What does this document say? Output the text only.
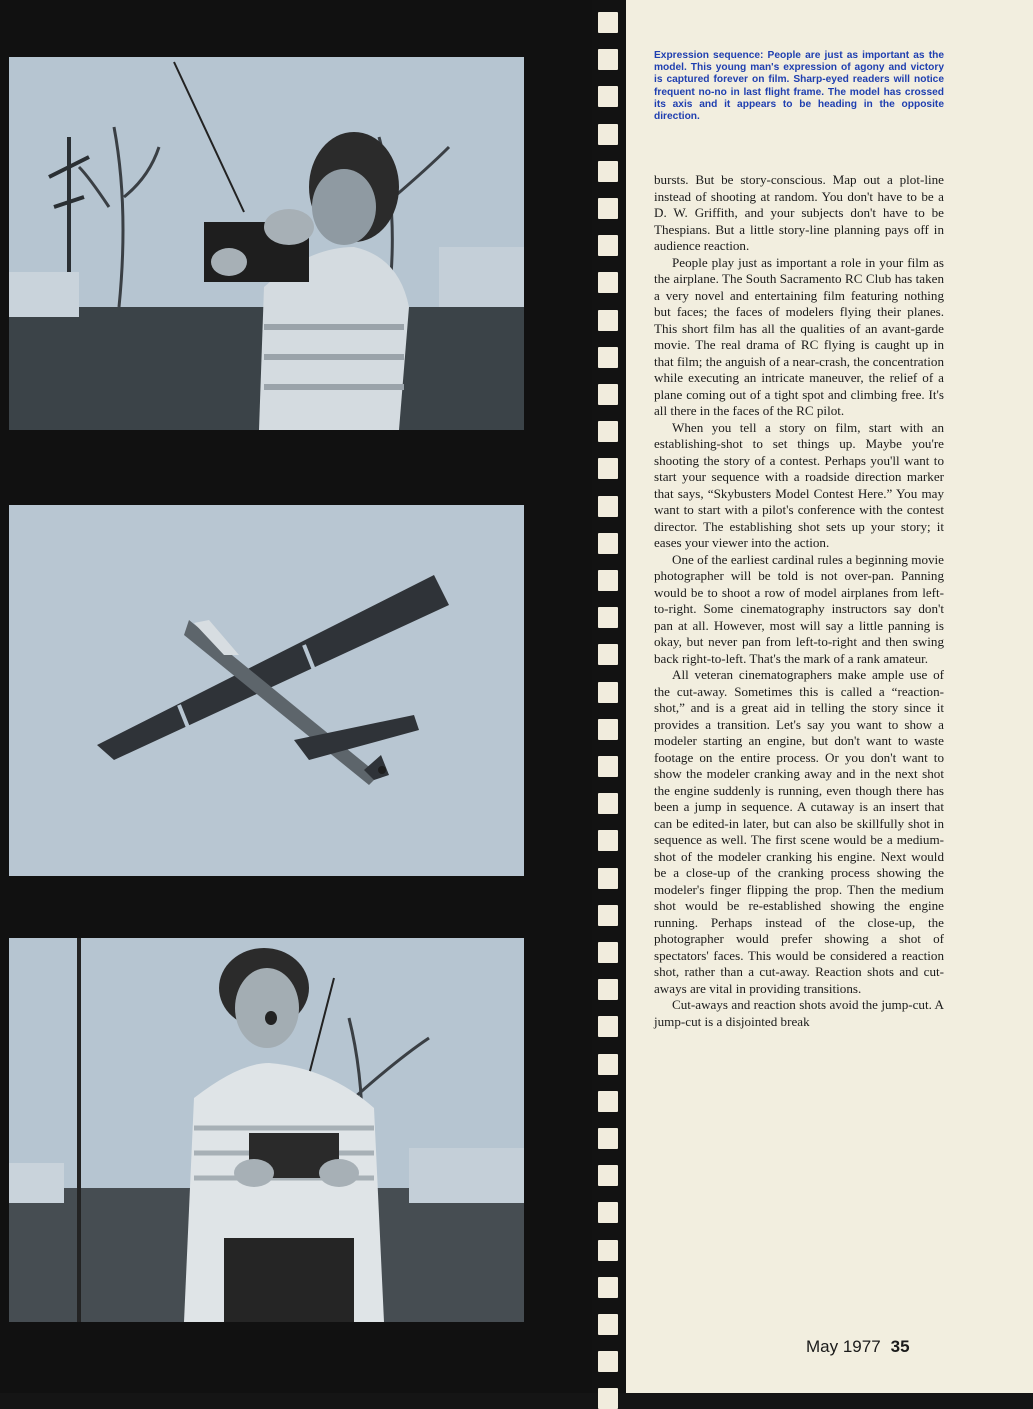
Expression sequence: People are just as important as the model. This young man's expression of agony and victory is captured forever on film. Sharp-eyed readers will notice frequent no-no in last flight frame. The model has crossed its axis and it appears to be heading in the opposite direction.

bursts. But be story-conscious. Map out a plot-line instead of shooting at random. You don't have to be a D. W. Griffith, and your subjects don't have to be Thespians. But a little story-line planning pays off in audience reaction.

People play just as important a role in your film as the airplane. The South Sacramento RC Club has taken a very novel and entertaining film featuring nothing but faces; the faces of modelers flying their planes. This short film has all the qualities of an avant-garde movie. The real drama of RC flying is caught up in that film; the anguish of a near-crash, the concentration while executing an intricate maneuver, the relief of a plane coming out of a tight spot and climbing free. It's all there in the faces of the RC pilot.

When you tell a story on film, start with an establishing-shot to set things up. Maybe you're shooting the story of a contest. Perhaps you'll want to start your sequence with a roadside direction marker that says, “Skybusters Model Contest Here.” You may want to start with a pilot's conference with the contest director. The establishing shot sets up your story; it eases your viewer into the action.

One of the earliest cardinal rules a beginning movie photographer will be told is not over-pan. Panning would be to shoot a row of model airplanes from left-to-right. Some cinematography instructors say don't pan at all. However, most will say a little panning is okay, but never pan from left-to-right and then swing back right-to-left. That's the mark of a rank amateur.

All veteran cinematographers make ample use of the cut-away. Sometimes this is called a “reaction-shot,” and is a great aid in telling the story since it provides a transition. Let's say you want to show a modeler starting an engine, but don't want to waste footage on the entire process. Or you don't want to show the modeler cranking away and in the next shot the engine suddenly is running, even though there has been a jump in sequence. A cutaway is an insert that can be edited-in later, but can also be skillfully shot in sequence as well. The first scene would be a medium-shot of the modeler cranking his engine. Next would be a close-up of the cranking process showing the modeler's finger flipping the prop. Then the medium shot would be re-established showing the engine running. Perhaps instead of the close-up, the photographer would prefer showing a shot of spectators' faces. This would be considered a reaction shot, rather than a cut-away. Reaction shots and cut-aways are vital in providing transitions.

Cut-aways and reaction shots avoid the jump-cut. A jump-cut is a disjointed break

May 1977 35
